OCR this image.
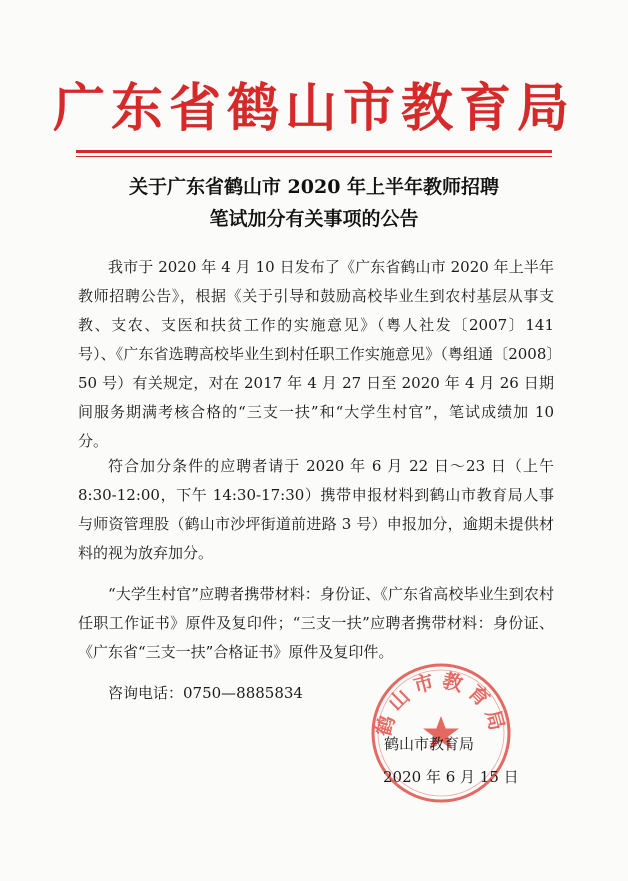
广东省鹤山市教育局
关于广东省鹤山市 2020 年上半年教师招聘
笔试加分有关事项的公告

我市于 2020 年 4 月 10 日发布了《广东省鹤山市 2020 年上半年教师招聘公告》，根据《关于引导和鼓励高校毕业生到农村基层从事支教、支农、支医和扶贫工作的实施意见》（粤人社发〔2007〕141 号）、《广东省选聘高校毕业生到村任职工作实施意见》（粤组通〔2008〕50 号）有关规定，对在 2017 年 4 月 27 日至 2020 年 4 月 26 日期间服务期满考核合格的“三支一扶”和“大学生村官”，笔试成绩加 10 分。

符合加分条件的应聘者请于 2020 年 6 月 22 日～23 日（上午 8:30-12:00，下午 14:30-17:30）携带申报材料到鹤山市教育局人事与师资管理股（鹤山市沙坪街道前进路 3 号）申报加分，逾期未提供材料的视为放弃加分。

“大学生村官”应聘者携带材料：身份证、《广东省高校毕业生到农村任职工作证书》原件及复印件；“三支一扶”应聘者携带材料：身份证、《广东省“三支一扶”合格证书》原件及复印件。

咨询电话：0750—8885834

鹤山市教育局
鹤山市教育局
2020 年 6 月 15 日
